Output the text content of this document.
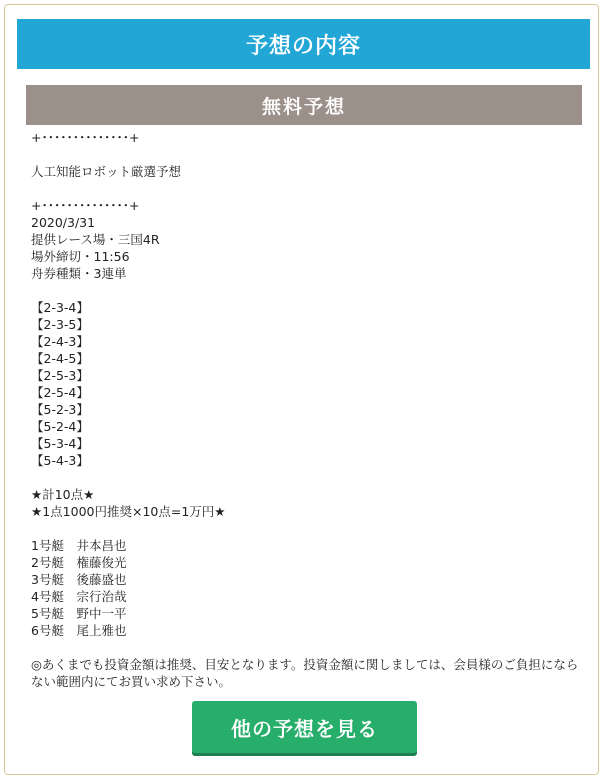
予想の内容
無料予想
+･･････････････+
人工知能ロボット厳選予想
+･･････････････+
2020/3/31
提供レース場・三国4R
場外締切・11:56
舟券種類・3連単
【2-3-4】
【2-3-5】
【2-4-3】
【2-4-5】
【2-5-3】
【2-5-4】
【5-2-3】
【5-2-4】
【5-3-4】
【5-4-3】
★計10点★
★1点1000円推奨×10点=1万円★
1号艇　井本昌也
2号艇　権藤俊光
3号艇　後藤盛也
4号艇　宗行治哉
5号艇　野中一平
6号艇　尾上雅也
◎あくまでも投資金額は推奨、目安となります。投資金額に関しましては、会員様のご負担にならない範囲内にてお買い求め下さい。
他の予想を見る
